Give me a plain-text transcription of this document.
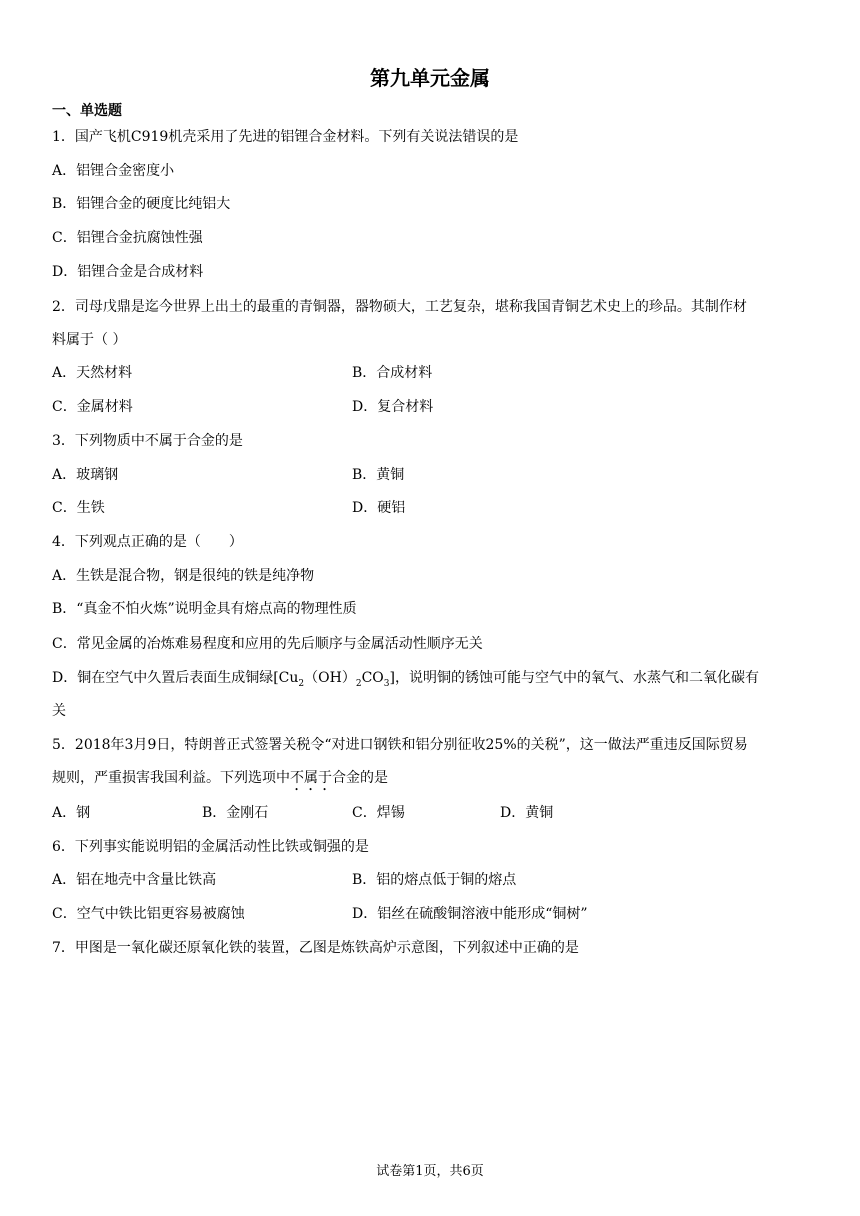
第九单元金属
一、单选题
1．国产飞机C919机壳采用了先进的铝锂合金材料。下列有关说法错误的是
A．铝锂合金密度小
B．铝锂合金的硬度比纯铝大
C．铝锂合金抗腐蚀性强
D．铝锂合金是合成材料
2．司母戊鼎是迄今世界上出土的最重的青铜器，器物硕大，工艺复杂，堪称我国青铜艺术史上的珍品。其制作材
料属于（ ）
A．天然材料	B．合成材料
C．金属材料	D．复合材料
3．下列物质中不属于合金的是
A．玻璃钢	B．黄铜
C．生铁	D．硬铝
4．下列观点正确的是（　　）
A．生铁是混合物，钢是很纯的铁是纯净物
B．“真金不怕火炼”说明金具有熔点高的物理性质
C．常见金属的冶炼难易程度和应用的先后顺序与金属活动性顺序无关
D．铜在空气中久置后表面生成铜绿$[Cu_2(OH)_2CO_3]$，说明铜的锈蚀可能与空气中的氧气、水蒸气和二氧化碳有
关
5．2018年3月9日，特朗普正式签署关税令“对进口钢铁和铝分别征收25%的关税”，这一做法严重违反国际贸易
规则，严重损害我国利益。下列选项中不属于合金的是
A．钢	B．金刚石	C．焊锡	D．黄铜
6．下列事实能说明铝的金属活动性比铁或铜强的是
A．铝在地壳中含量比铁高	B．铝的熔点低于铜的熔点
C．空气中铁比铝更容易被腐蚀	D．铝丝在硫酸铜溶液中能形成“铜树”
7．甲图是一氧化碳还原氧化铁的装置，乙图是炼铁高炉示意图，下列叙述中正确的是
试卷第1页，共6页
